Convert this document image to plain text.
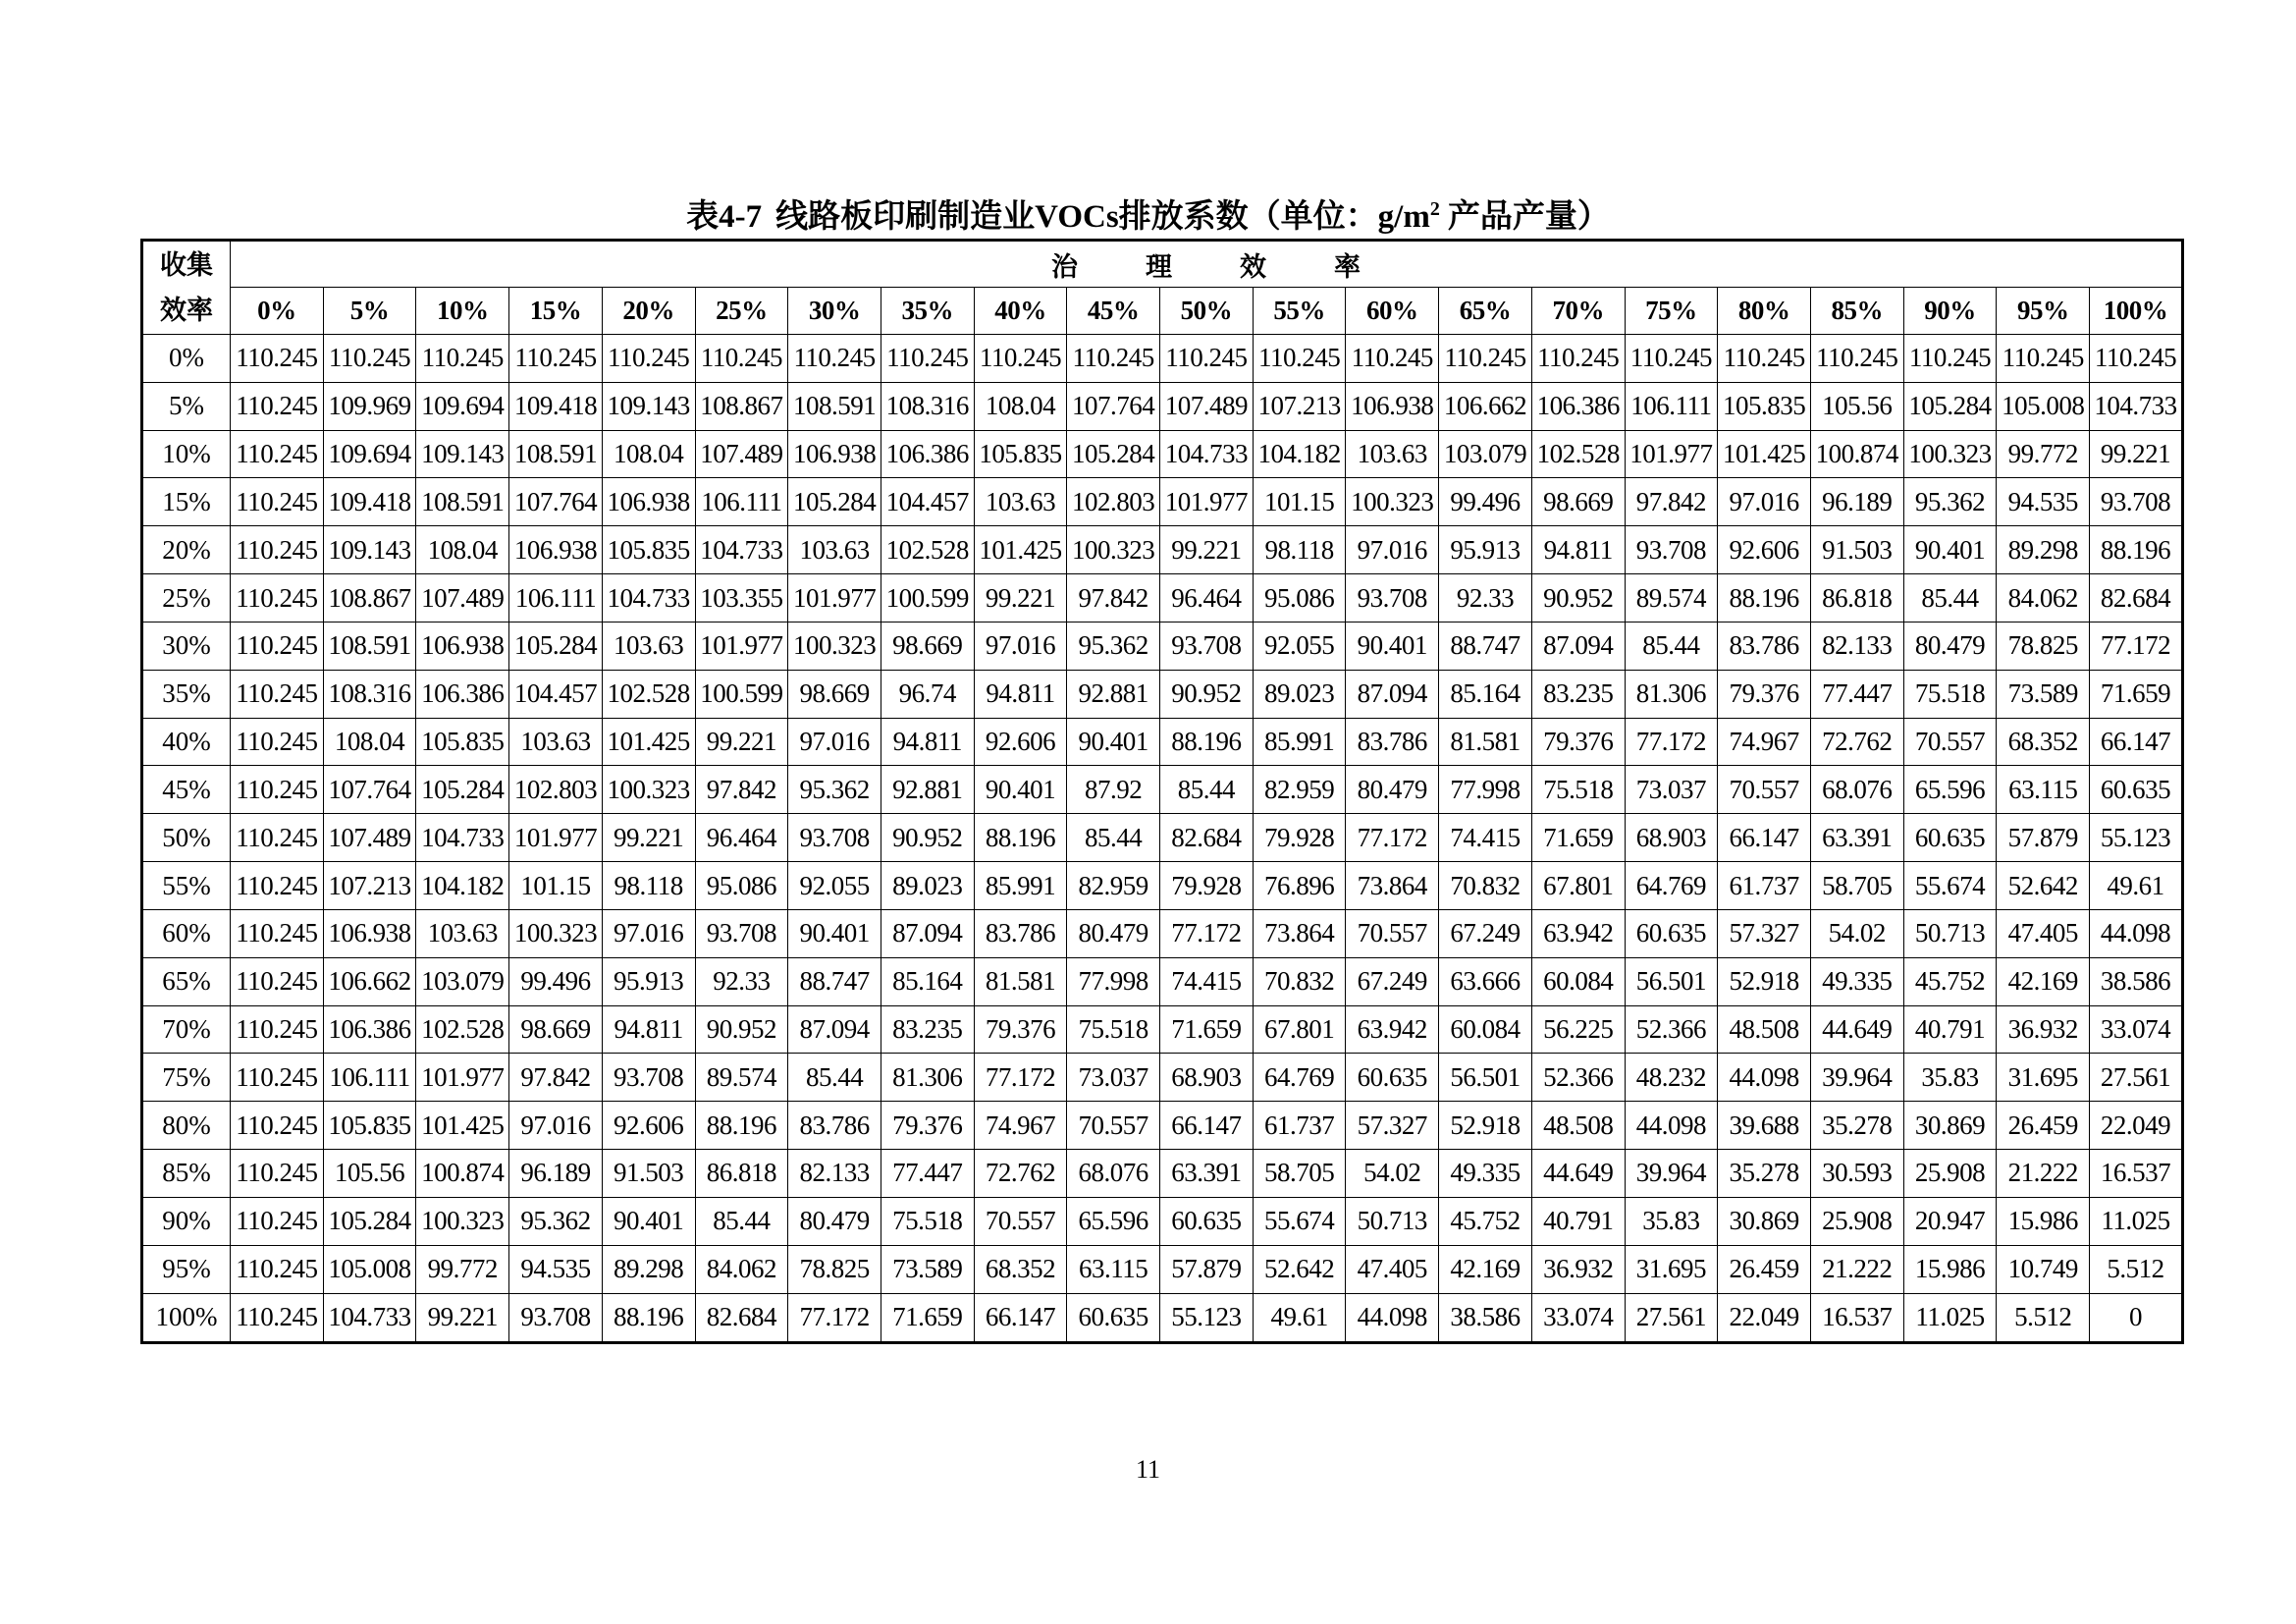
表4-7 线路板印刷制造业VOCs排放系数（单位：$g/m^2$ 产品产量）
收集
效率	治 理 效 率																				
	0%	5%	10%	15%	20%	25%	30%	35%	40%	45%	50%	55%	60%	65%	70%	75%	80%	85%	90%	95%	100%
0%	110.245	110.245	110.245	110.245	110.245	110.245	110.245	110.245	110.245	110.245	110.245	110.245	110.245	110.245	110.245	110.245	110.245	110.245	110.245	110.245	110.245
5%	110.245	109.969	109.694	109.418	109.143	108.867	108.591	108.316	108.04	107.764	107.489	107.213	106.938	106.662	106.386	106.111	105.835	105.56	105.284	105.008	104.733
10%	110.245	109.694	109.143	108.591	108.04	107.489	106.938	106.386	105.835	105.284	104.733	104.182	103.63	103.079	102.528	101.977	101.425	100.874	100.323	99.772	99.221
15%	110.245	109.418	108.591	107.764	106.938	106.111	105.284	104.457	103.63	102.803	101.977	101.15	100.323	99.496	98.669	97.842	97.016	96.189	95.362	94.535	93.708
20%	110.245	109.143	108.04	106.938	105.835	104.733	103.63	102.528	101.425	100.323	99.221	98.118	97.016	95.913	94.811	93.708	92.606	91.503	90.401	89.298	88.196
25%	110.245	108.867	107.489	106.111	104.733	103.355	101.977	100.599	99.221	97.842	96.464	95.086	93.708	92.33	90.952	89.574	88.196	86.818	85.44	84.062	82.684
30%	110.245	108.591	106.938	105.284	103.63	101.977	100.323	98.669	97.016	95.362	93.708	92.055	90.401	88.747	87.094	85.44	83.786	82.133	80.479	78.825	77.172
35%	110.245	108.316	106.386	104.457	102.528	100.599	98.669	96.74	94.811	92.881	90.952	89.023	87.094	85.164	83.235	81.306	79.376	77.447	75.518	73.589	71.659
40%	110.245	108.04	105.835	103.63	101.425	99.221	97.016	94.811	92.606	90.401	88.196	85.991	83.786	81.581	79.376	77.172	74.967	72.762	70.557	68.352	66.147
45%	110.245	107.764	105.284	102.803	100.323	97.842	95.362	92.881	90.401	87.92	85.44	82.959	80.479	77.998	75.518	73.037	70.557	68.076	65.596	63.115	60.635
50%	110.245	107.489	104.733	101.977	99.221	96.464	93.708	90.952	88.196	85.44	82.684	79.928	77.172	74.415	71.659	68.903	66.147	63.391	60.635	57.879	55.123
55%	110.245	107.213	104.182	101.15	98.118	95.086	92.055	89.023	85.991	82.959	79.928	76.896	73.864	70.832	67.801	64.769	61.737	58.705	55.674	52.642	49.61
60%	110.245	106.938	103.63	100.323	97.016	93.708	90.401	87.094	83.786	80.479	77.172	73.864	70.557	67.249	63.942	60.635	57.327	54.02	50.713	47.405	44.098
65%	110.245	106.662	103.079	99.496	95.913	92.33	88.747	85.164	81.581	77.998	74.415	70.832	67.249	63.666	60.084	56.501	52.918	49.335	45.752	42.169	38.586
70%	110.245	106.386	102.528	98.669	94.811	90.952	87.094	83.235	79.376	75.518	71.659	67.801	63.942	60.084	56.225	52.366	48.508	44.649	40.791	36.932	33.074
75%	110.245	106.111	101.977	97.842	93.708	89.574	85.44	81.306	77.172	73.037	68.903	64.769	60.635	56.501	52.366	48.232	44.098	39.964	35.83	31.695	27.561
80%	110.245	105.835	101.425	97.016	92.606	88.196	83.786	79.376	74.967	70.557	66.147	61.737	57.327	52.918	48.508	44.098	39.688	35.278	30.869	26.459	22.049
85%	110.245	105.56	100.874	96.189	91.503	86.818	82.133	77.447	72.762	68.076	63.391	58.705	54.02	49.335	44.649	39.964	35.278	30.593	25.908	21.222	16.537
90%	110.245	105.284	100.323	95.362	90.401	85.44	80.479	75.518	70.557	65.596	60.635	55.674	50.713	45.752	40.791	35.83	30.869	25.908	20.947	15.986	11.025
95%	110.245	105.008	99.772	94.535	89.298	84.062	78.825	73.589	68.352	63.115	57.879	52.642	47.405	42.169	36.932	31.695	26.459	21.222	15.986	10.749	5.512
100%	110.245	104.733	99.221	93.708	88.196	82.684	77.172	71.659	66.147	60.635	55.123	49.61	44.098	38.586	33.074	27.561	22.049	16.537	11.025	5.512	0
11
